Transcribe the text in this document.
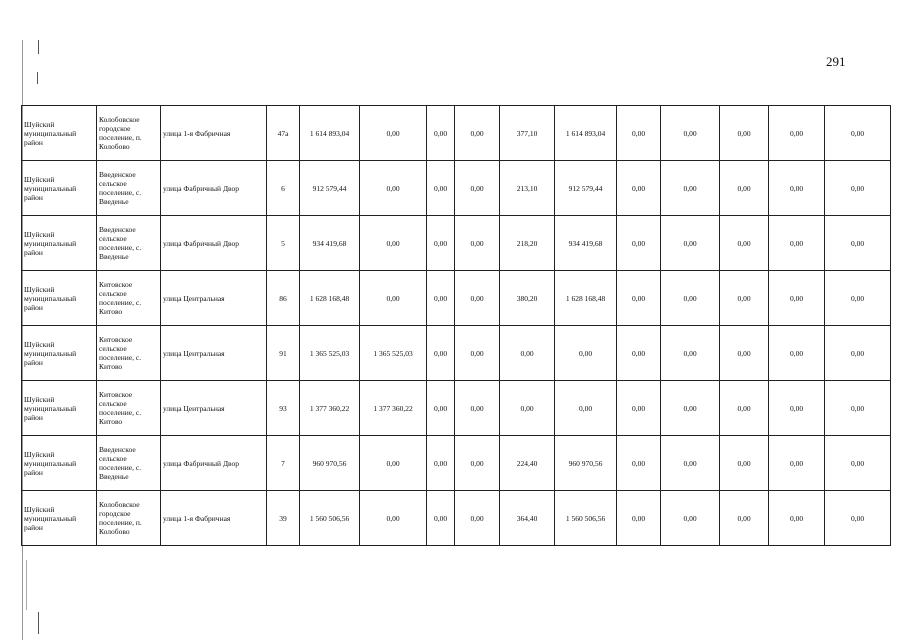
291
Шуйский муниципальный район	Колобовское городское поселение, п. Колобово	улица 1-я Фабричная	47а	1 614 893,04	0,00	0,00	0,00	377,10	1 614 893,04	0,00	0,00	0,00	0,00	0,00
Шуйский муниципальный район	Введенское сельское поселение, с. Введенье	улица Фабричный Двор	6	912 579,44	0,00	0,00	0,00	213,10	912 579,44	0,00	0,00	0,00	0,00	0,00
Шуйский муниципальный район	Введенское сельское поселение, с. Введенье	улица Фабричный Двор	5	934 419,68	0,00	0,00	0,00	218,20	934 419,68	0,00	0,00	0,00	0,00	0,00
Шуйский муниципальный район	Китовское сельское поселение, с. Китово	улица Центральная	86	1 628 168,48	0,00	0,00	0,00	380,20	1 628 168,48	0,00	0,00	0,00	0,00	0,00
Шуйский муниципальный район	Китовское сельское поселение, с. Китово	улица Центральная	91	1 365 525,03	1 365 525,03	0,00	0,00	0,00	0,00	0,00	0,00	0,00	0,00	0,00
Шуйский муниципальный район	Китовское сельское поселение, с. Китово	улица Центральная	93	1 377 360,22	1 377 360,22	0,00	0,00	0,00	0,00	0,00	0,00	0,00	0,00	0,00
Шуйский муниципальный район	Введенское сельское поселение, с. Введенье	улица Фабричный Двор	7	960 970,56	0,00	0,00	0,00	224,40	960 970,56	0,00	0,00	0,00	0,00	0,00
Шуйский муниципальный район	Колобовское городское поселение, п. Колобово	улица 1-я Фабричная	39	1 560 506,56	0,00	0,00	0,00	364,40	1 560 506,56	0,00	0,00	0,00	0,00	0,00
